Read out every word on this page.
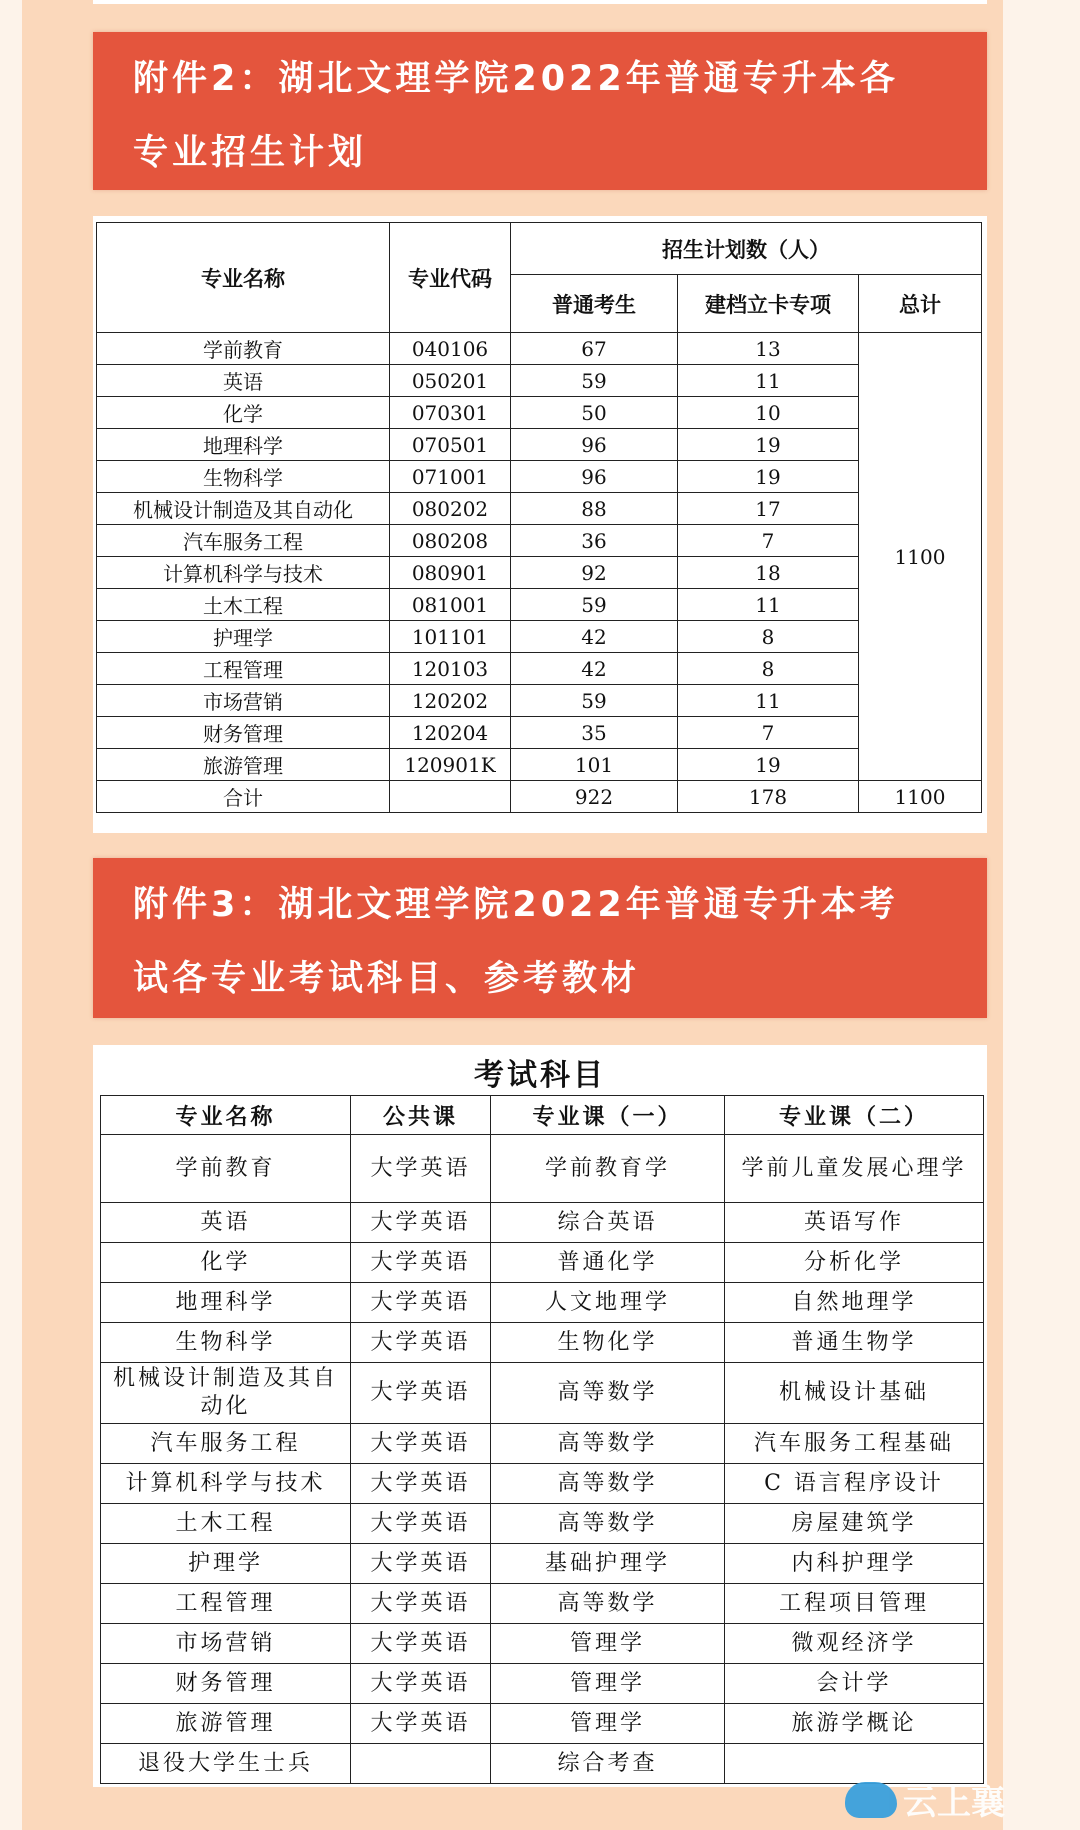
附件2：湖北文理学院2022年普通专升本各
专业招生计划
专业名称	专业代码	招生计划数（人）		
		普通考生	建档立卡专项	总计
学前教育	040106	67	13	1100
英语	050201	59	11	
化学	070301	50	10	
地理科学	070501	96	19	
生物科学	071001	96	19	
机械设计制造及其自动化	080202	88	17	
汽车服务工程	080208	36	7	
计算机科学与技术	080901	92	18	
土木工程	081001	59	11	
护理学	101101	42	8	
工程管理	120103	42	8	
市场营销	120202	59	11	
财务管理	120204	35	7	
旅游管理	120901K	101	19	
合计		922	178	1100
附件3：湖北文理学院2022年普通专升本考
试各专业考试科目、参考教材
考试科目
专业名称	公共课	专业课（一）	专业课（二）
学前教育	大学英语	学前教育学	学前儿童发展心理学
英语	大学英语	综合英语	英语写作
化学	大学英语	普通化学	分析化学
地理科学	大学英语	人文地理学	自然地理学
生物科学	大学英语	生物化学	普通生物学
机械设计制造及其自动化	大学英语	高等数学	机械设计基础
汽车服务工程	大学英语	高等数学	汽车服务工程基础
计算机科学与技术	大学英语	高等数学	C 语言程序设计
土木工程	大学英语	高等数学	房屋建筑学
护理学	大学英语	基础护理学	内科护理学
工程管理	大学英语	高等数学	工程项目管理
市场营销	大学英语	管理学	微观经济学
财务管理	大学英语	管理学	会计学
旅游管理	大学英语	管理学	旅游学概论
退役大学生士兵		综合考查	
云上襄
